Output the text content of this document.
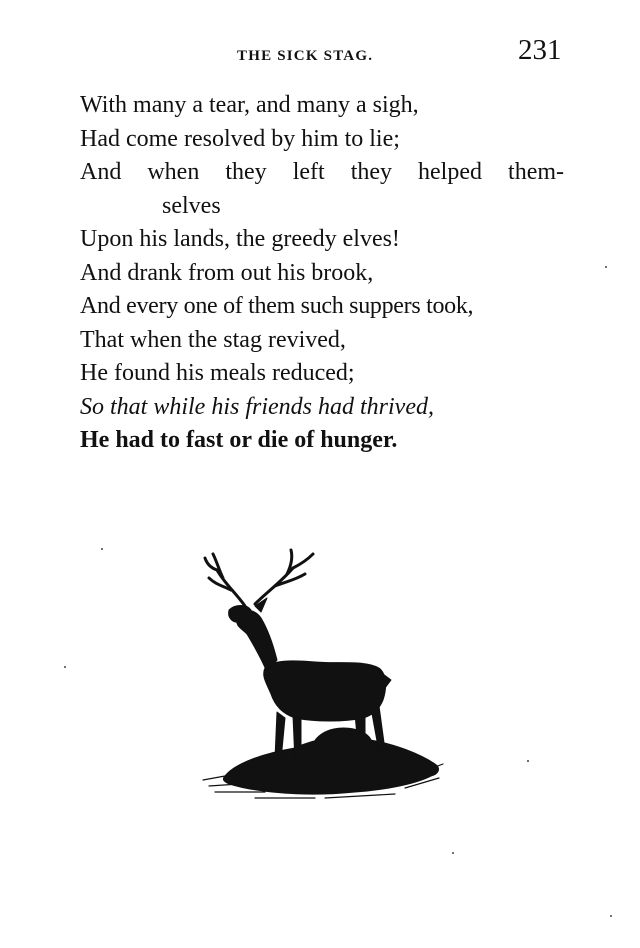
THE SICK STAG.	231
With many a tear, and many a sigh,
Had come resolved by him to lie;
And when they left they helped them-
selves
Upon his lands, the greedy elves!
And drank from out his brook,
And every one of them such suppers took,
That when the stag revived,
He found his meals reduced;
So that while his friends had thrived,
He had to fast or die of hunger.
